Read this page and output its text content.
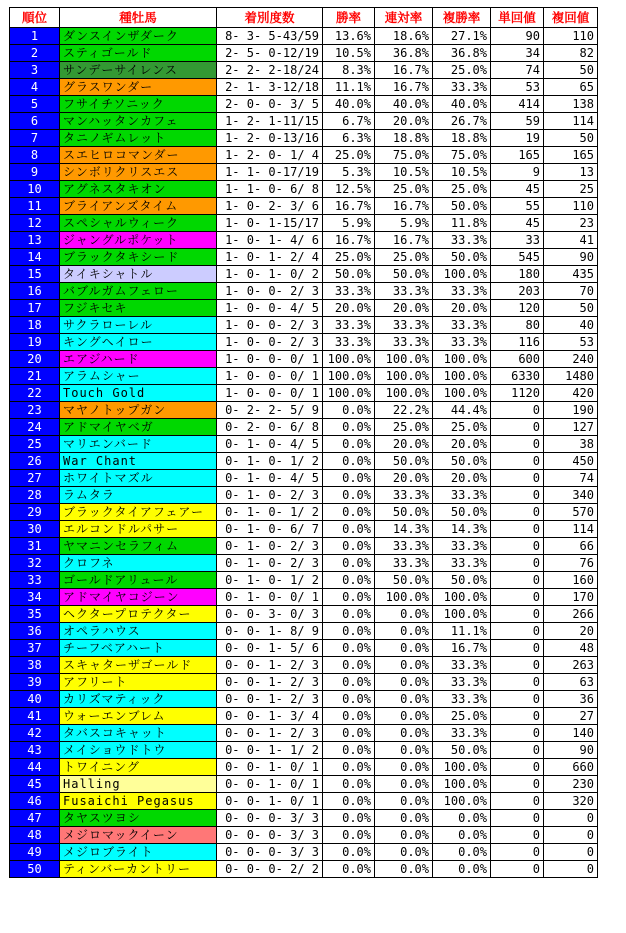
順位	種牡馬	着別度数	勝率	連対率	複勝率	単回値	複回値
1	ダンスインザダーク	8- 3- 5-43/59	13.6%	18.6%	27.1%	90	110
2	スティゴールド	2- 5- 0-12/19	10.5%	36.8%	36.8%	34	82
3	サンデーサイレンス	2- 2- 2-18/24	8.3%	16.7%	25.0%	74	50
4	グラスワンダー	2- 1- 3-12/18	11.1%	16.7%	33.3%	53	65
5	フサイチソニック	2- 0- 0- 3/ 5	40.0%	40.0%	40.0%	414	138
6	マンハッタンカフェ	1- 2- 1-11/15	6.7%	20.0%	26.7%	59	114
7	タニノギムレット	1- 2- 0-13/16	6.3%	18.8%	18.8%	19	50
8	スエヒロコマンダー	1- 2- 0- 1/ 4	25.0%	75.0%	75.0%	165	165
9	シンボリクリスエス	1- 1- 0-17/19	5.3%	10.5%	10.5%	9	13
10	アグネスタキオン	1- 1- 0- 6/ 8	12.5%	25.0%	25.0%	45	25
11	ブライアンズタイム	1- 0- 2- 3/ 6	16.7%	16.7%	50.0%	55	110
12	スペシャルウィーク	1- 0- 1-15/17	5.9%	5.9%	11.8%	45	23
13	ジャングルポケット	1- 0- 1- 4/ 6	16.7%	16.7%	33.3%	33	41
14	ブラックタキシード	1- 0- 1- 2/ 4	25.0%	25.0%	50.0%	545	90
15	タイキシャトル	1- 0- 1- 0/ 2	50.0%	50.0%	100.0%	180	435
16	バブルガムフェロー	1- 0- 0- 2/ 3	33.3%	33.3%	33.3%	203	70
17	フジキセキ	1- 0- 0- 4/ 5	20.0%	20.0%	20.0%	120	50
18	サクラローレル	1- 0- 0- 2/ 3	33.3%	33.3%	33.3%	80	40
19	キングヘイロー	1- 0- 0- 2/ 3	33.3%	33.3%	33.3%	116	53
20	エアジハード	1- 0- 0- 0/ 1	100.0%	100.0%	100.0%	600	240
21	アラムシャー	1- 0- 0- 0/ 1	100.0%	100.0%	100.0%	6330	1480
22	Touch Gold	1- 0- 0- 0/ 1	100.0%	100.0%	100.0%	1120	420
23	マヤノトップガン	0- 2- 2- 5/ 9	0.0%	22.2%	44.4%	0	190
24	アドマイヤベガ	0- 2- 0- 6/ 8	0.0%	25.0%	25.0%	0	127
25	マリエンバード	0- 1- 0- 4/ 5	0.0%	20.0%	20.0%	0	38
26	War Chant	0- 1- 0- 1/ 2	0.0%	50.0%	50.0%	0	450
27	ホワイトマズル	0- 1- 0- 4/ 5	0.0%	20.0%	20.0%	0	74
28	ラムタラ	0- 1- 0- 2/ 3	0.0%	33.3%	33.3%	0	340
29	ブラックタイアフェアー	0- 1- 0- 1/ 2	0.0%	50.0%	50.0%	0	570
30	エルコンドルパサー	0- 1- 0- 6/ 7	0.0%	14.3%	14.3%	0	114
31	ヤマニンセラフィム	0- 1- 0- 2/ 3	0.0%	33.3%	33.3%	0	66
32	クロフネ	0- 1- 0- 2/ 3	0.0%	33.3%	33.3%	0	76
33	ゴールドアリュール	0- 1- 0- 1/ 2	0.0%	50.0%	50.0%	0	160
34	アドマイヤコジーン	0- 1- 0- 0/ 1	0.0%	100.0%	100.0%	0	170
35	ヘクタープロテクター	0- 0- 3- 0/ 3	0.0%	0.0%	100.0%	0	266
36	オペラハウス	0- 0- 1- 8/ 9	0.0%	0.0%	11.1%	0	20
37	チーフベアハート	0- 0- 1- 5/ 6	0.0%	0.0%	16.7%	0	48
38	スキャターザゴールド	0- 0- 1- 2/ 3	0.0%	0.0%	33.3%	0	263
39	アフリート	0- 0- 1- 2/ 3	0.0%	0.0%	33.3%	0	63
40	カリズマティック	0- 0- 1- 2/ 3	0.0%	0.0%	33.3%	0	36
41	ウォーエンブレム	0- 0- 1- 3/ 4	0.0%	0.0%	25.0%	0	27
42	タバスコキャット	0- 0- 1- 2/ 3	0.0%	0.0%	33.3%	0	140
43	メイショウドトウ	0- 0- 1- 1/ 2	0.0%	0.0%	50.0%	0	90
44	トワイニング	0- 0- 1- 0/ 1	0.0%	0.0%	100.0%	0	660
45	Halling	0- 0- 1- 0/ 1	0.0%	0.0%	100.0%	0	230
46	Fusaichi Pegasus	0- 0- 1- 0/ 1	0.0%	0.0%	100.0%	0	320
47	タヤスツヨシ	0- 0- 0- 3/ 3	0.0%	0.0%	0.0%	0	0
48	メジロマックイーン	0- 0- 0- 3/ 3	0.0%	0.0%	0.0%	0	0
49	メジロブライト	0- 0- 0- 3/ 3	0.0%	0.0%	0.0%	0	0
50	ティンバーカントリー	0- 0- 0- 2/ 2	0.0%	0.0%	0.0%	0	0
